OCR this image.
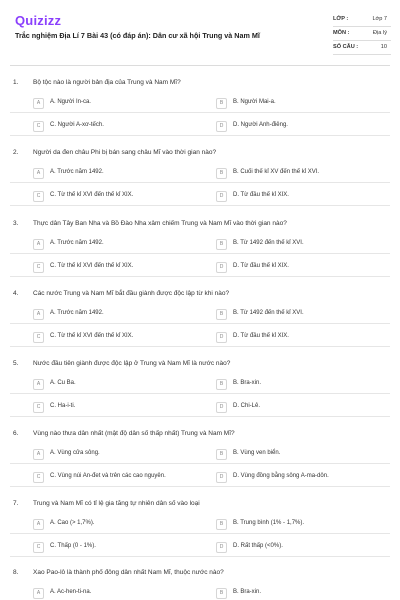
Quizizz
Trắc nghiệm Địa Lí 7 Bài 43 (có đáp án): Dân cư xã hội Trung và Nam Mĩ
LỚP :	Lớp 7
MÔN :	Địa lý
SỐ CÂU :	10
1. Bộ tộc nào là người bản địa của Trung và Nam Mĩ?
A	A. Người In-ca.	B	B. Người Mai-a.
C	C. Người A-xơ-tếch.	D	D. Người Anh-điêng.
2. Người da đen châu Phi bị bán sang châu Mĩ vào thời gian nào?
A	A. Trước năm 1492.	B	B. Cuối thế kỉ XV đến thế kỉ XVI.
C	C. Từ thế kỉ XVI đến thế kỉ XIX.	D	D. Từ đầu thế kỉ XIX.
3. Thực dân Tây Ban Nha và Bồ Đào Nha xâm chiếm Trung và Nam Mĩ vào thời gian nào?
A	A. Trước năm 1492.	B	B. Từ 1492 đến thế kỉ XVI.
C	C. Từ thế kỉ XVI đến thế kỉ XIX.	D	D. Từ đầu thế kỉ XIX.
4. Các nước Trung và Nam Mĩ bắt đầu giành được độc lập từ khi nào?
A	A. Trước năm 1492.	B	B. Từ 1492 đến thế kỉ XVI.
C	C. Từ thế kỉ XVI đến thế kỉ XIX.	D	D. Từ đầu thế kỉ XIX.
5. Nước đầu tiên giành được độc lập ở Trung và Nam Mĩ là nước nào?
A	A. Cu Ba.	B	B. Bra-xin.
C	C. Ha-i-ti.	D	D. Chi-Lê.
6. Vùng nào thưa dân nhất (mật độ dân số thấp nhất) Trung và Nam Mĩ?
A	A. Vùng cửa sông.	B	B. Vùng ven biển.
C	C. Vùng núi An-đet và trên các cao nguyên.	D	D. Vùng đồng bằng sông A-ma-dôn.
7. Trung và Nam Mĩ có tỉ lệ gia tăng tự nhiên dân số vào loại
A	A. Cao (> 1,7%).	B	B. Trung bình (1% - 1,7%).
C	C. Thấp (0 - 1%).	D	D. Rất thấp (<0%).
8. Xao Pao-lô là thành phố đông dân nhất Nam Mĩ, thuộc nước nào?
A	A. Ac-hen-ti-na.	B	B. Bra-xin.
